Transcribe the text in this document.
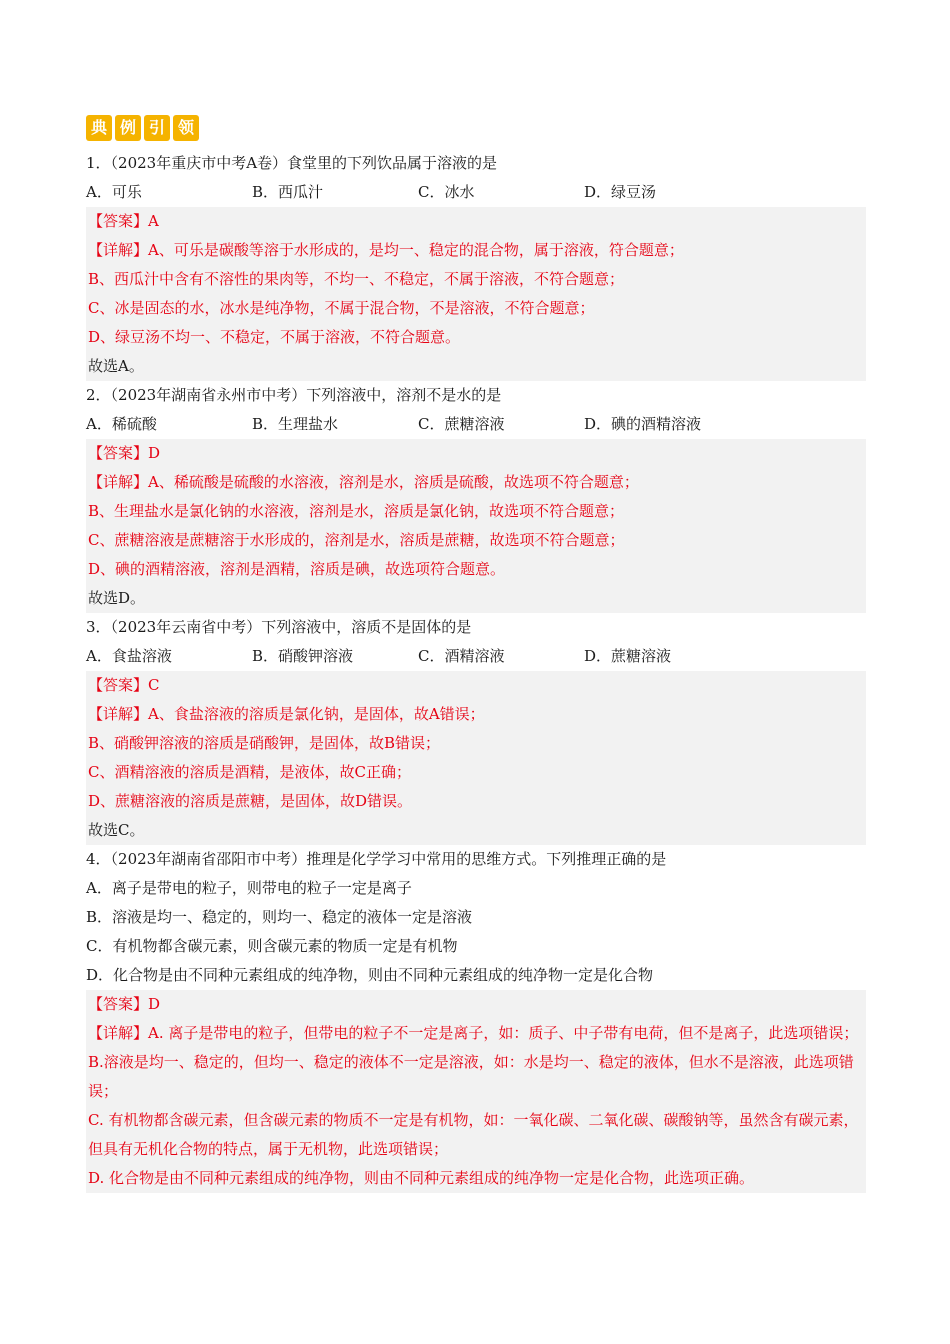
典 例 引 领

1．（2023年重庆市中考A卷）食堂里的下列饮品属于溶液的是

A．可乐	B．西瓜汁	C．冰水	D．绿豆汤
【答案】A
【详解】A、可乐是碳酸等溶于水形成的，是均一、稳定的混合物，属于溶液，符合题意；
B、西瓜汁中含有不溶性的果肉等，不均一、不稳定，不属于溶液，不符合题意；
C、冰是固态的水，冰水是纯净物，不属于混合物，不是溶液，不符合题意；
D、绿豆汤不均一、不稳定，不属于溶液，不符合题意。
故选A。

2．（2023年湖南省永州市中考）下列溶液中，溶剂不是水的是

A．稀硫酸	B．生理盐水	C．蔗糖溶液	D．碘的酒精溶液
【答案】D
【详解】A、稀硫酸是硫酸的水溶液，溶剂是水，溶质是硫酸，故选项不符合题意；
B、生理盐水是氯化钠的水溶液，溶剂是水，溶质是氯化钠，故选项不符合题意；
C、蔗糖溶液是蔗糖溶于水形成的，溶剂是水，溶质是蔗糖，故选项不符合题意；
D、碘的酒精溶液，溶剂是酒精，溶质是碘，故选项符合题意。
故选D。

3．（2023年云南省中考）下列溶液中，溶质不是固体的是

A．食盐溶液	B．硝酸钾溶液	C．酒精溶液	D．蔗糖溶液
【答案】C
【详解】A、食盐溶液的溶质是氯化钠，是固体，故A错误；
B、硝酸钾溶液的溶质是硝酸钾，是固体，故B错误；
C、酒精溶液的溶质是酒精，是液体，故C正确；
D、蔗糖溶液的溶质是蔗糖，是固体，故D错误。
故选C。

4．（2023年湖南省邵阳市中考）推理是化学学习中常用的思维方式。下列推理正确的是

A．离子是带电的粒子，则带电的粒子一定是离子
B．溶液是均一、稳定的，则均一、稳定的液体一定是溶液
C．有机物都含碳元素，则含碳元素的物质一定是有机物
D．化合物是由不同种元素组成的纯净物，则由不同种元素组成的纯净物一定是化合物
【答案】D
【详解】A. 离子是带电的粒子，但带电的粒子不一定是离子，如：质子、中子带有电荷，但不是离子，此选项错误；
B.溶液是均一、稳定的，但均一、稳定的液体不一定是溶液，如：水是均一、稳定的液体，但水不是溶液，此选项错误；
C. 有机物都含碳元素，但含碳元素的物质不一定是有机物，如：一氧化碳、二氧化碳、碳酸钠等，虽然含有碳元素，但具有无机化合物的特点，属于无机物，此选项错误；
D. 化合物是由不同种元素组成的纯净物，则由不同种元素组成的纯净物一定是化合物，此选项正确。
